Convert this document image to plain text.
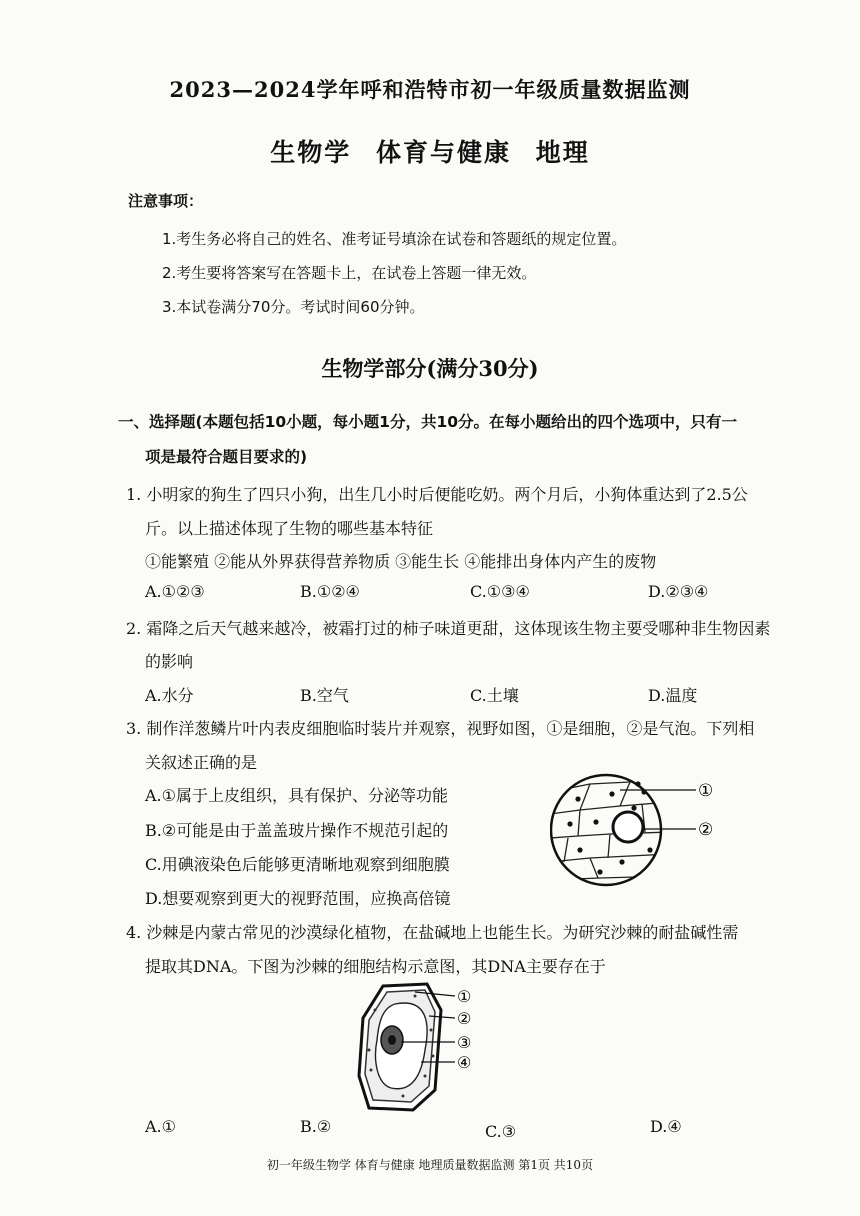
2023—2024学年呼和浩特市初一年级质量数据监测
生物学 体育与健康 地理
注意事项：
1.考生务必将自己的姓名、准考证号填涂在试卷和答题纸的规定位置。
2.考生要将答案写在答题卡上，在试卷上答题一律无效。
3.本试卷满分70分。考试时间60分钟。
生物学部分(满分30分)
一、选择题(本题包括10小题，每小题1分，共10分。在每小题给出的四个选项中，只有一
项是最符合题目要求的)
1. 小明家的狗生了四只小狗，出生几小时后便能吃奶。两个月后，小狗体重达到了2.5公
斤。以上描述体现了生物的哪些基本特征
①能繁殖 ②能从外界获得营养物质 ③能生长 ④能排出身体内产生的废物
A.①②③	B.①②④	C.①③④	D.②③④
2. 霜降之后天气越来越冷，被霜打过的柿子味道更甜，这体现该生物主要受哪种非生物因素
的影响
A.水分	B.空气	C.土壤	D.温度
3. 制作洋葱鳞片叶内表皮细胞临时装片并观察，视野如图，①是细胞，②是气泡。下列相
关叙述正确的是
A.①属于上皮组织，具有保护、分泌等功能
B.②可能是由于盖盖玻片操作不规范引起的
C.用碘液染色后能够更清晰地观察到细胞膜
D.想要观察到更大的视野范围，应换高倍镜
①
②
4. 沙棘是内蒙古常见的沙漠绿化植物，在盐碱地上也能生长。为研究沙棘的耐盐碱性需
提取其DNA。下图为沙棘的细胞结构示意图，其DNA主要存在于
①
②
③
④
A.①	B.②	C.③	D.④
初一年级生物学 体育与健康 地理质量数据监测 第1页 共10页
